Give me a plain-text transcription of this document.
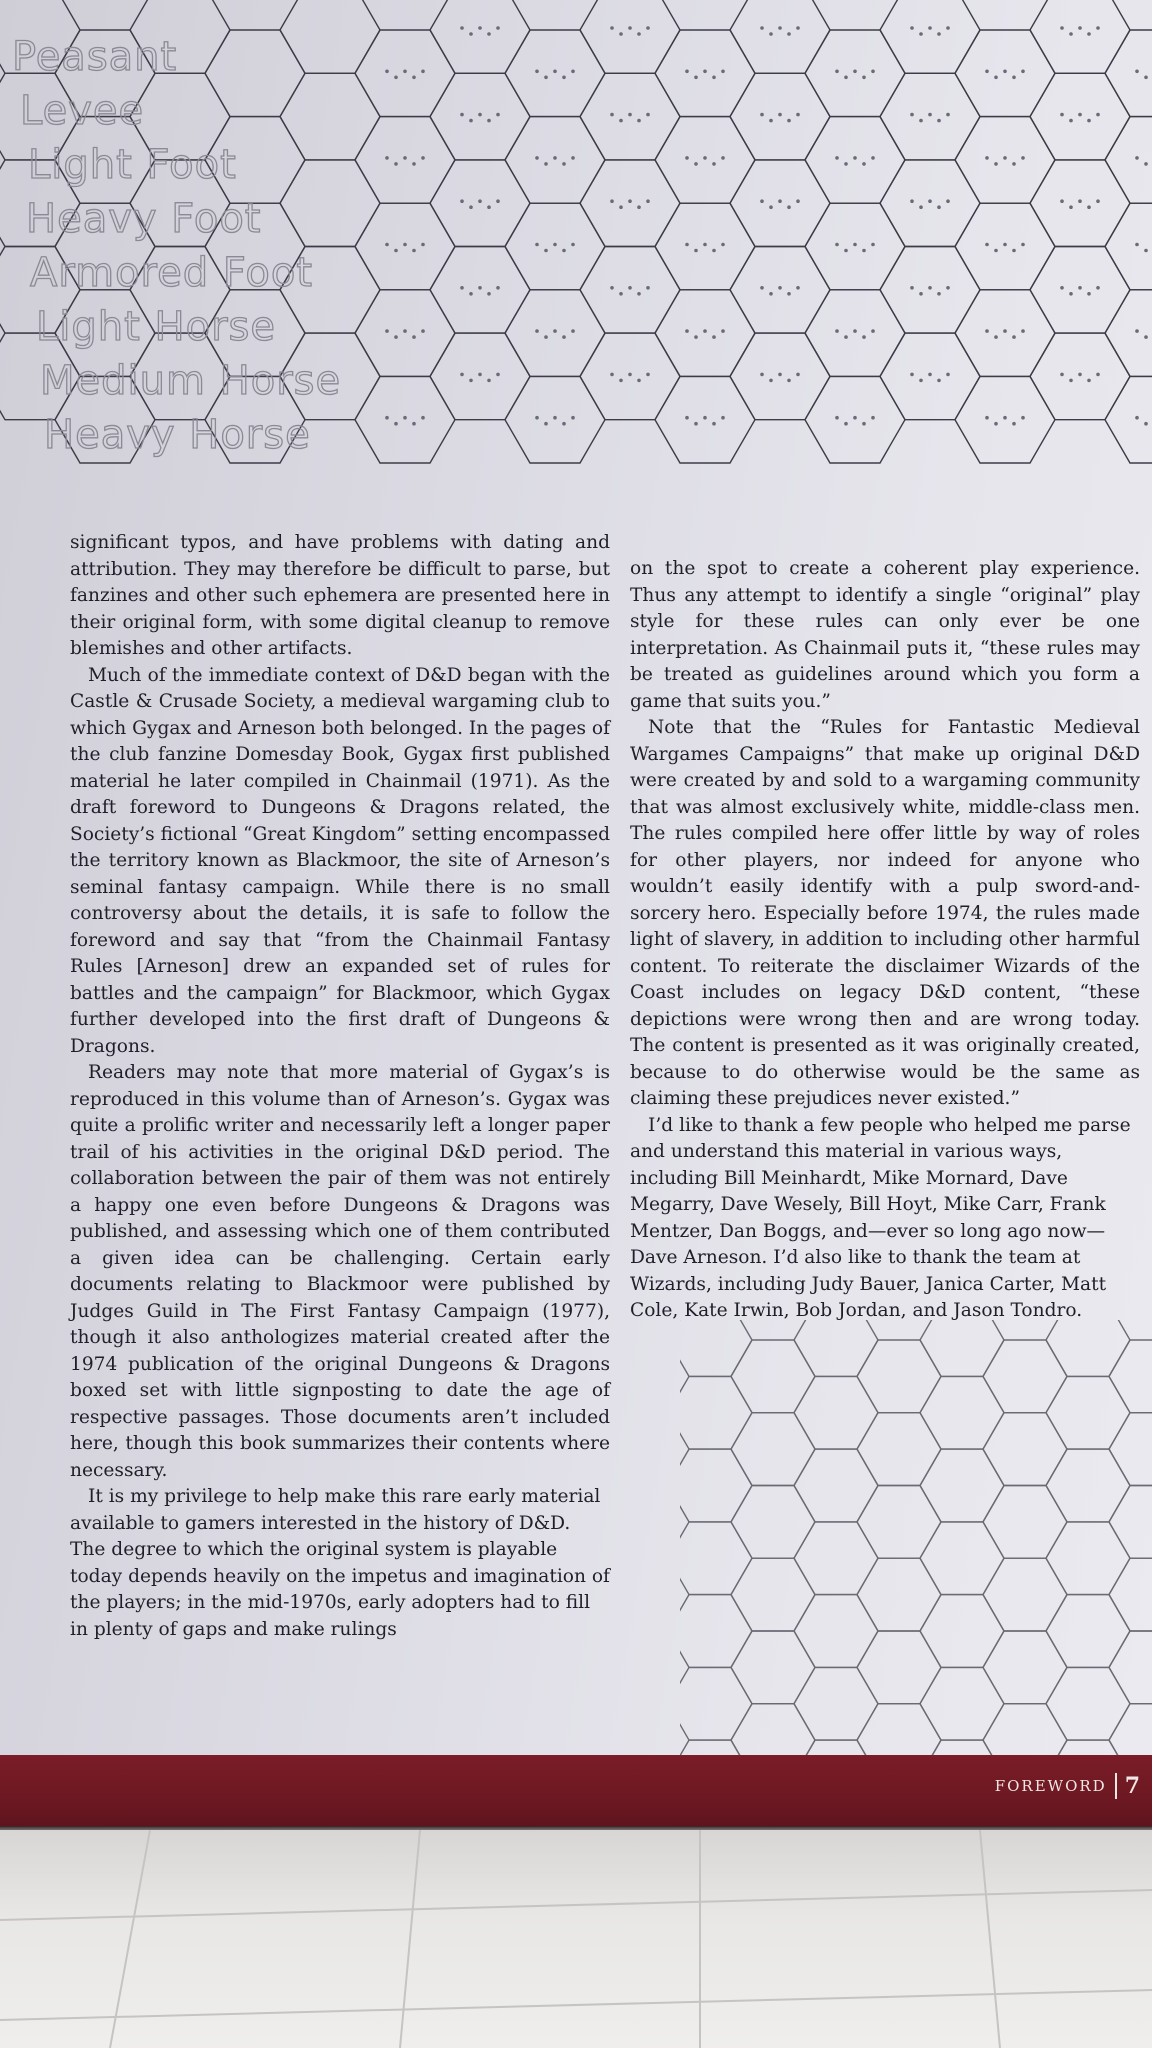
Peasant
Levee
Light Foot
Heavy Foot
Armored Foot
Light Horse
Medium Horse
Heavy Horse

significant typos, and have problems with dating and attribution. They may therefore be difficult to parse, but fanzines and other such ephemera are presented here in their original form, with some digital cleanup to remove blemishes and other artifacts.

Much of the immediate context of D&D began with the Castle & Crusade Society, a medieval wargaming club to which Gygax and Arneson both belonged. In the pages of the club fanzine Domesday Book, Gygax first published material he later compiled in Chainmail (1971). As the draft foreword to Dungeons & Dragons related, the Society’s fictional “Great Kingdom” setting encompassed the territory known as Blackmoor, the site of Arneson’s seminal fantasy campaign. While there is no small controversy about the details, it is safe to follow the foreword and say that “from the Chainmail Fantasy Rules [Arneson] drew an expanded set of rules for battles and the campaign” for Blackmoor, which Gygax further developed into the first draft of Dungeons & Dragons.

Readers may note that more material of Gygax’s is reproduced in this volume than of Arneson’s. Gygax was quite a prolific writer and necessarily left a longer paper trail of his activities in the original D&D period. The collaboration between the pair of them was not entirely a happy one even before Dungeons & Dragons was published, and assessing which one of them contributed a given idea can be challenging. Certain early documents relating to Blackmoor were published by Judges Guild in The First Fantasy Campaign (1977), though it also anthologizes material created after the 1974 publication of the original Dungeons & Dragons boxed set with little signposting to date the age of respective passages. Those documents aren’t included here, though this book summarizes their contents where necessary.

It is my privilege to help make this rare early material available to gamers interested in the history of D&D. The degree to which the original system is playable today depends heavily on the impetus and imagination of the players; in the mid-1970s, early adopters had to fill in plenty of gaps and make rulings

on the spot to create a coherent play experience. Thus any attempt to identify a single “original” play style for these rules can only ever be one interpretation. As Chainmail puts it, “these rules may be treated as guidelines around which you form a game that suits you.”

Note that the “Rules for Fantastic Medieval Wargames Campaigns” that make up original D&D were created by and sold to a wargaming community that was almost exclusively white, middle-class men. The rules compiled here offer little by way of roles for other players, nor indeed for anyone who wouldn’t easily identify with a pulp sword-and-sorcery hero. Especially before 1974, the rules made light of slavery, in addition to including other harmful content. To reiterate the disclaimer Wizards of the Coast includes on legacy D&D content, “these depictions were wrong then and are wrong today. The content is presented as it was originally created, because to do otherwise would be the same as claiming these prejudices never existed.”

I’d like to thank a few people who helped me parse and understand this material in various ways, including Bill Meinhardt, Mike Mornard, Dave Megarry, Dave Wesely, Bill Hoyt, Mike Carr, Frank Mentzer, Dan Boggs, and—ever so long ago now—Dave Arneson. I’d also like to thank the team at Wizards, including Judy Bauer, Janica Carter, Matt Cole, Kate Irwin, Bob Jordan, and Jason Tondro.

FOREWORD 7
